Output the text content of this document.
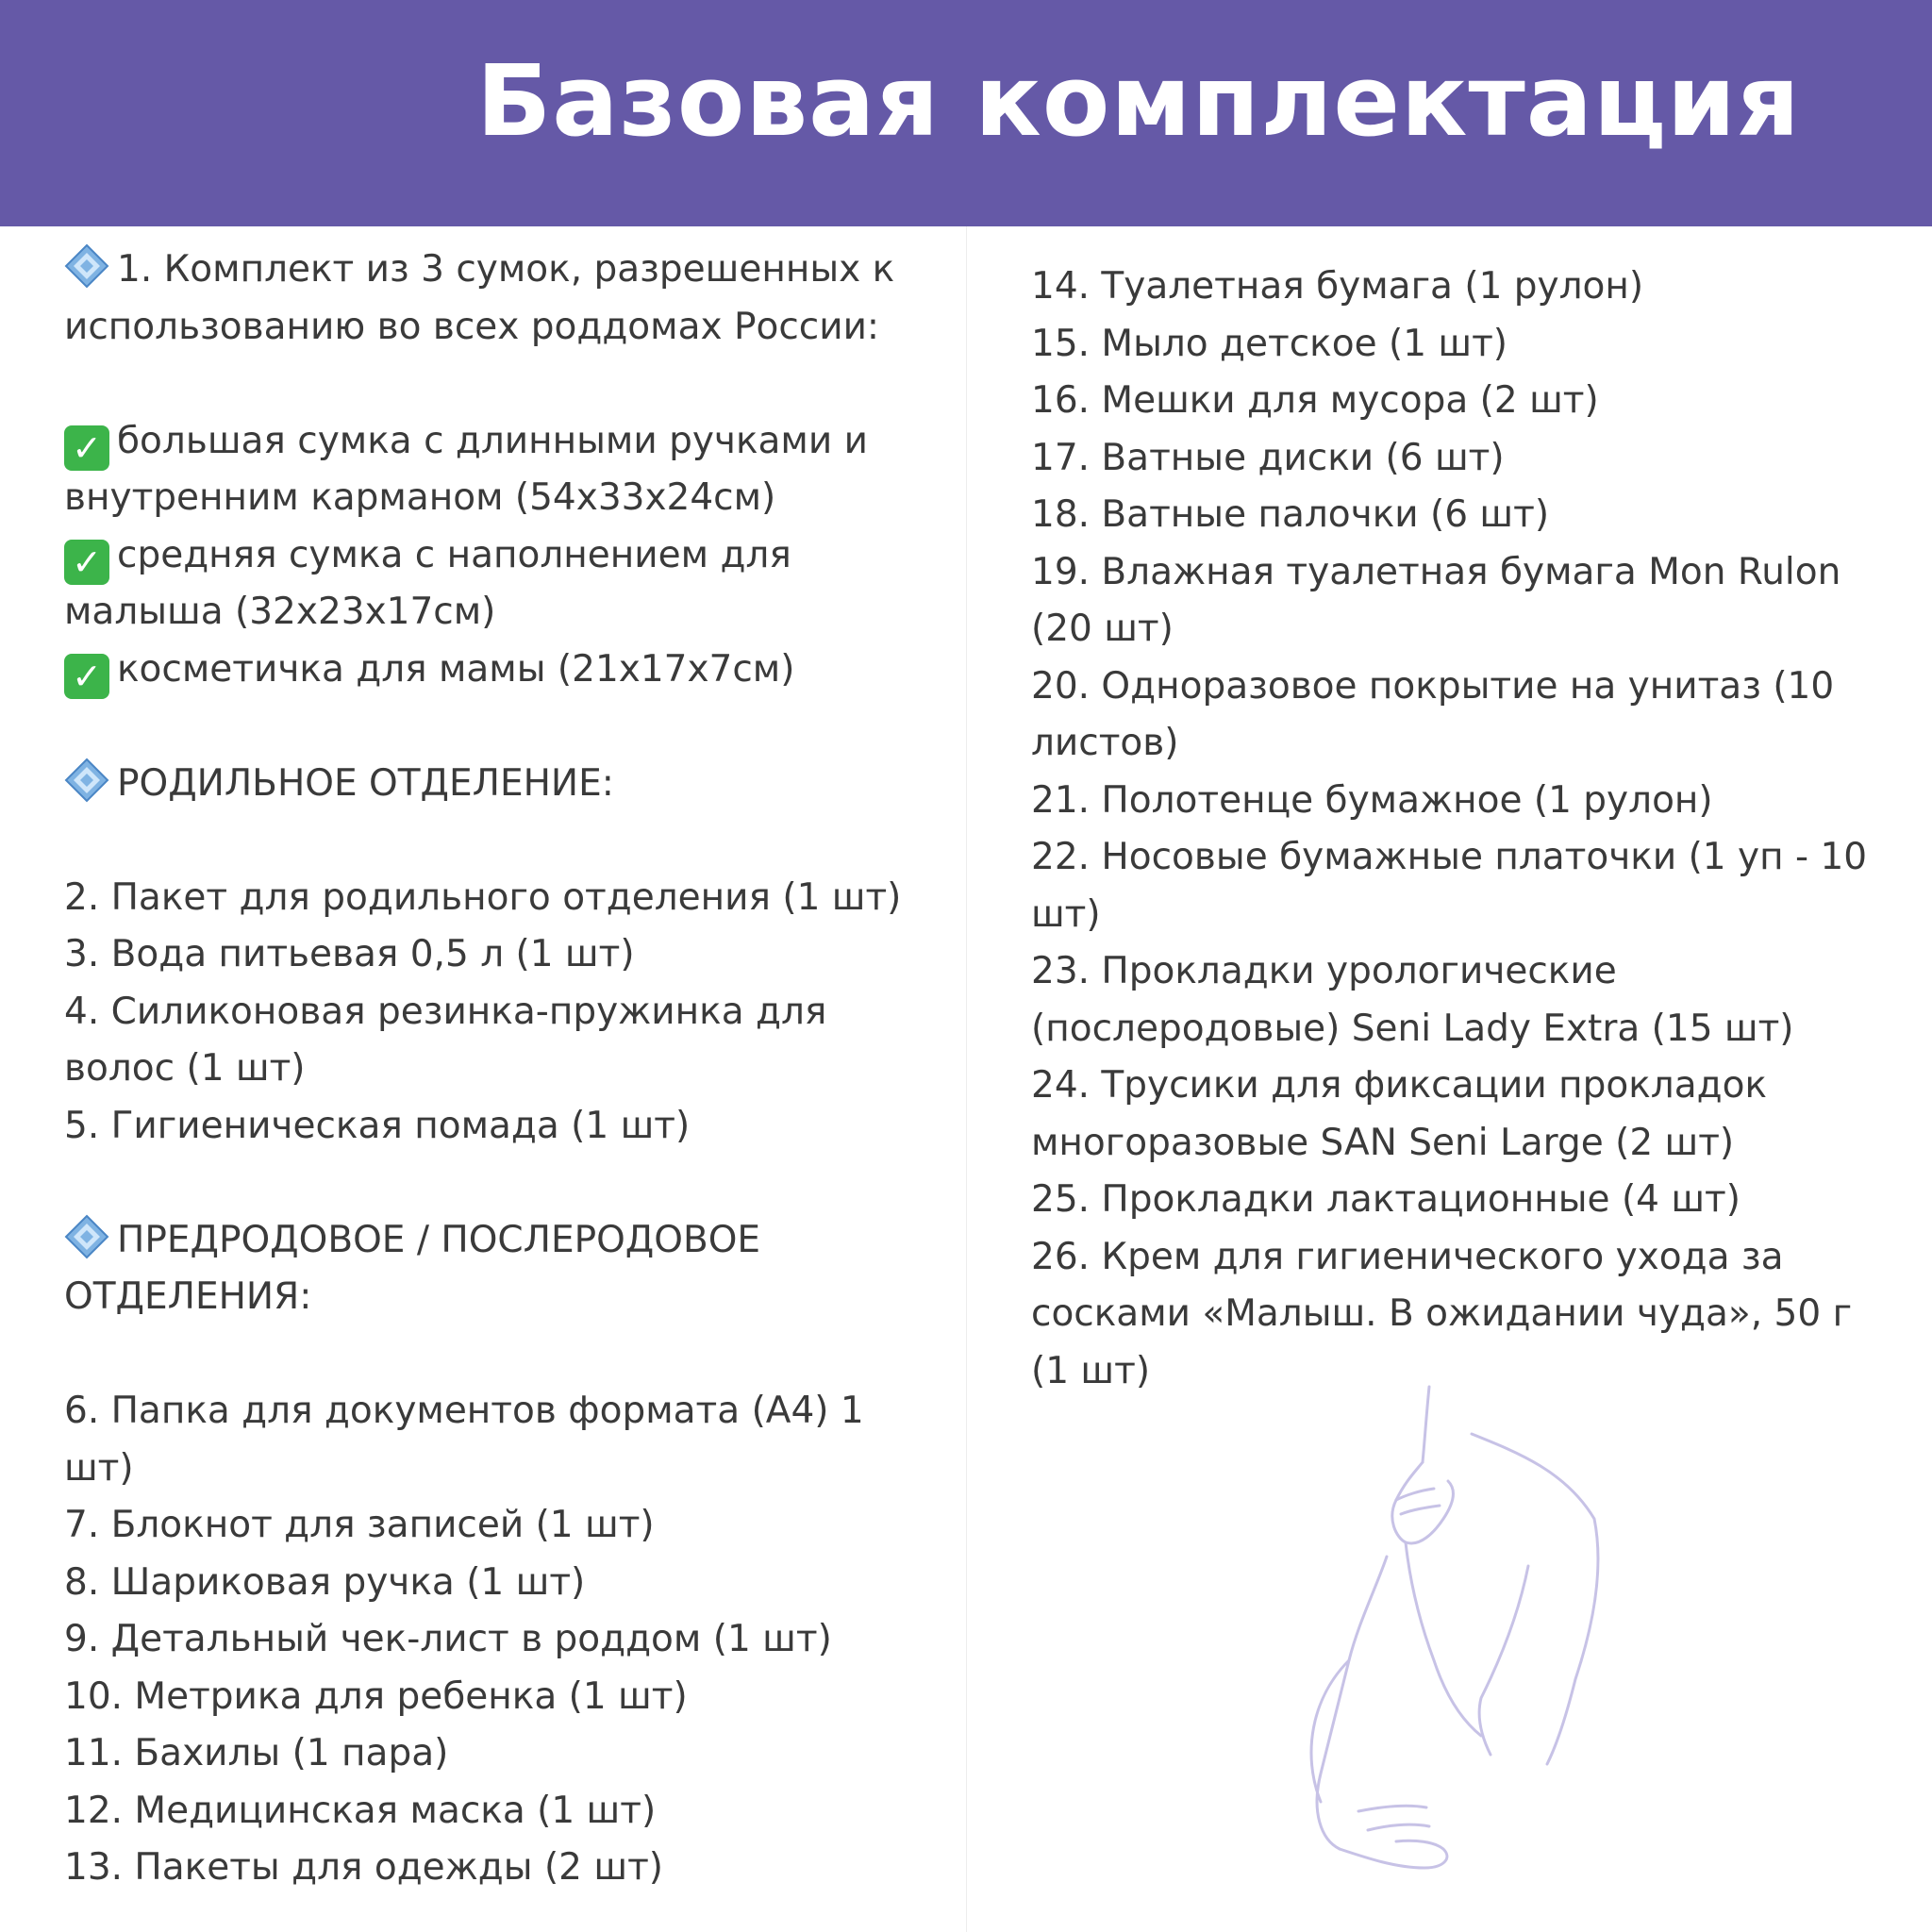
Базовая комплектация
1. Комплект из 3 сумок, разрешенных к
использованию во всех роддомах России:
✓ большая сумка с длинными ручками и
внутренним карманом (54х33х24см)
✓ средняя сумка с наполнением для
малыша (32х23х17см)
✓ косметичка для мамы (21х17х7см)
РОДИЛЬНОЕ ОТДЕЛЕНИЕ:
2. Пакет для родильного отделения (1 шт)
3. Вода питьевая 0,5 л (1 шт)
4. Силиконовая резинка-пружинка для
волос (1 шт)
5. Гигиеническая помада (1 шт)
ПРЕДРОДОВОЕ / ПОСЛЕРОДОВОЕ
ОТДЕЛЕНИЯ:
6. Папка для документов формата (А4) 1
шт)
7. Блокнот для записей (1 шт)
8. Шариковая ручка (1 шт)
9. Детальный чек-лист в роддом (1 шт)
10. Метрика для ребенка (1 шт)
11. Бахилы (1 пара)
12. Медицинская маска (1 шт)
13. Пакеты для одежды (2 шт)
14. Туалетная бумага (1 рулон)
15. Мыло детское (1 шт)
16. Мешки для мусора (2 шт)
17. Ватные диски (6 шт)
18. Ватные палочки (6 шт)
19. Влажная туалетная бумага Mon Rulon
(20 шт)
20. Одноразовое покрытие на унитаз (10
листов)
21. Полотенце бумажное (1 рулон)
22. Носовые бумажные платочки (1 уп - 10
шт)
23. Прокладки урологические
(послеродовые) Seni Lady Extra (15 шт)
24. Трусики для фиксации прокладок
многоразовые SAN Seni Large (2 шт)
25. Прокладки лактационные (4 шт)
26. Крем для гигиенического ухода за
сосками «Малыш. В ожидании чуда», 50 г
(1 шт)
